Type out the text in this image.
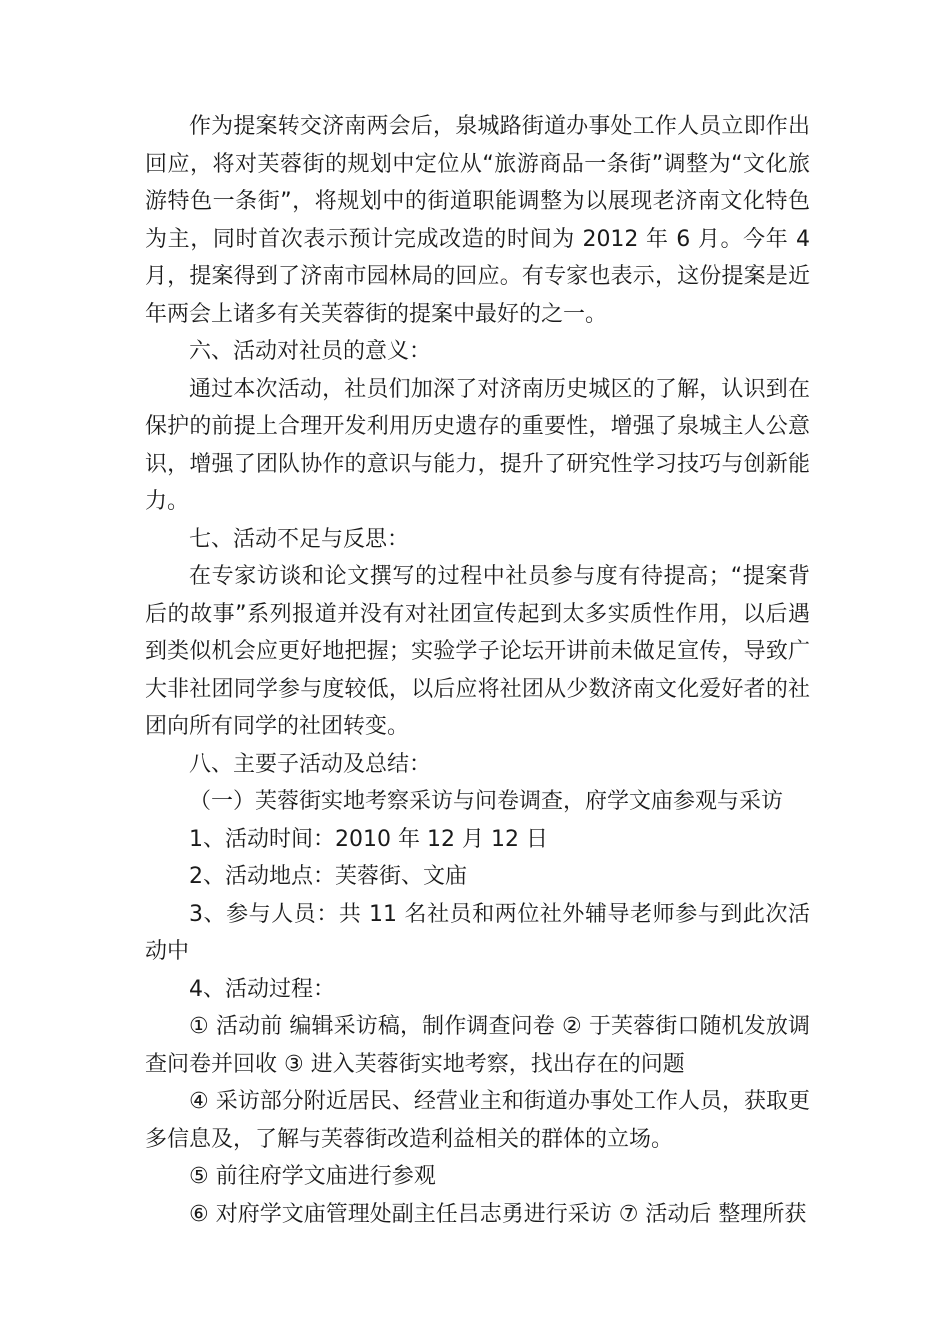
作为提案转交济南两会后，泉城路街道办事处工作人员立即作出回应，将对芙蓉街的规划中定位从“旅游商品一条街”调整为“文化旅游特色一条街”，将规划中的街道职能调整为以展现老济南文化特色为主，同时首次表示预计完成改造的时间为 2012 年 6 月。今年 4 月，提案得到了济南市园林局的回应。有专家也表示，这份提案是近年两会上诸多有关芙蓉街的提案中最好的之一。

六、活动对社员的意义：

通过本次活动，社员们加深了对济南历史城区的了解，认识到在保护的前提上合理开发利用历史遗存的重要性，增强了泉城主人公意识，增强了团队协作的意识与能力，提升了研究性学习技巧与创新能力。

七、活动不足与反思：

在专家访谈和论文撰写的过程中社员参与度有待提高；“提案背后的故事”系列报道并没有对社团宣传起到太多实质性作用，以后遇到类似机会应更好地把握；实验学子论坛开讲前未做足宣传，导致广大非社团同学参与度较低，以后应将社团从少数济南文化爱好者的社团向所有同学的社团转变。

八、主要子活动及总结：

（一）芙蓉街实地考察采访与问卷调查，府学文庙参观与采访

1、活动时间：2010 年 12 月 12 日

2、活动地点：芙蓉街、文庙

3、参与人员：共 11 名社员和两位社外辅导老师参与到此次活动中

4、活动过程：

① 活动前 编辑采访稿，制作调查问卷 ② 于芙蓉街口随机发放调查问卷并回收 ③ 进入芙蓉街实地考察，找出存在的问题

④ 采访部分附近居民、经营业主和街道办事处工作人员，获取更多信息及，了解与芙蓉街改造利益相关的群体的立场。

⑤ 前往府学文庙进行参观

⑥ 对府学文庙管理处副主任吕志勇进行采访 ⑦ 活动后 整理所获
